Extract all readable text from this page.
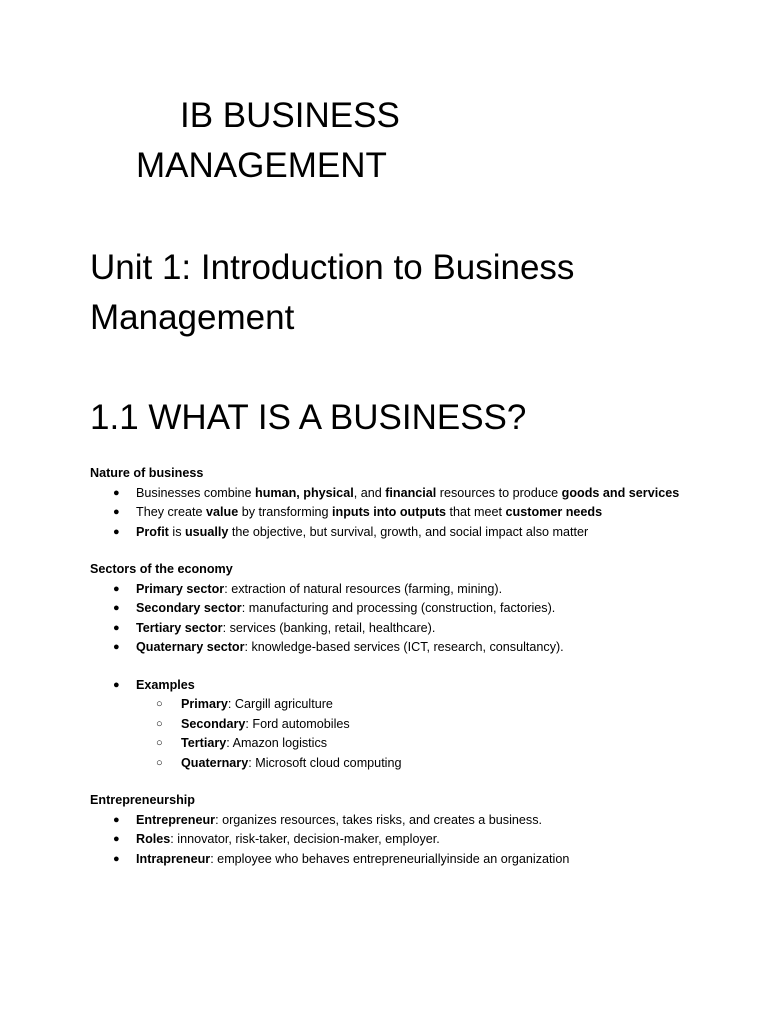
IB BUSINESS
MANAGEMENT
Unit 1: Introduction to Business
Management
1.1 WHAT IS A BUSINESS?

Nature of business

● Businesses combine human, physical, and financial resources to produce goods and services
● They create value by transforming inputs into outputs that meet customer needs
● Profit is usually the objective, but survival, growth, and social impact also matter

Sectors of the economy

● Primary sector: extraction of natural resources (farming, mining).
● Secondary sector: manufacturing and processing (construction, factories).
● Tertiary sector: services (banking, retail, healthcare).
● Quaternary sector: knowledge-based services (ICT, research, consultancy).
● Examples
○ Primary: Cargill agriculture
○ Secondary: Ford automobiles
○ Tertiary: Amazon logistics
○ Quaternary: Microsoft cloud computing

Entrepreneurship

● Entrepreneur: organizes resources, takes risks, and creates a business.
● Roles: innovator, risk-taker, decision-maker, employer.
● Intrapreneur: employee who behaves entrepreneuriallyinside an organization
